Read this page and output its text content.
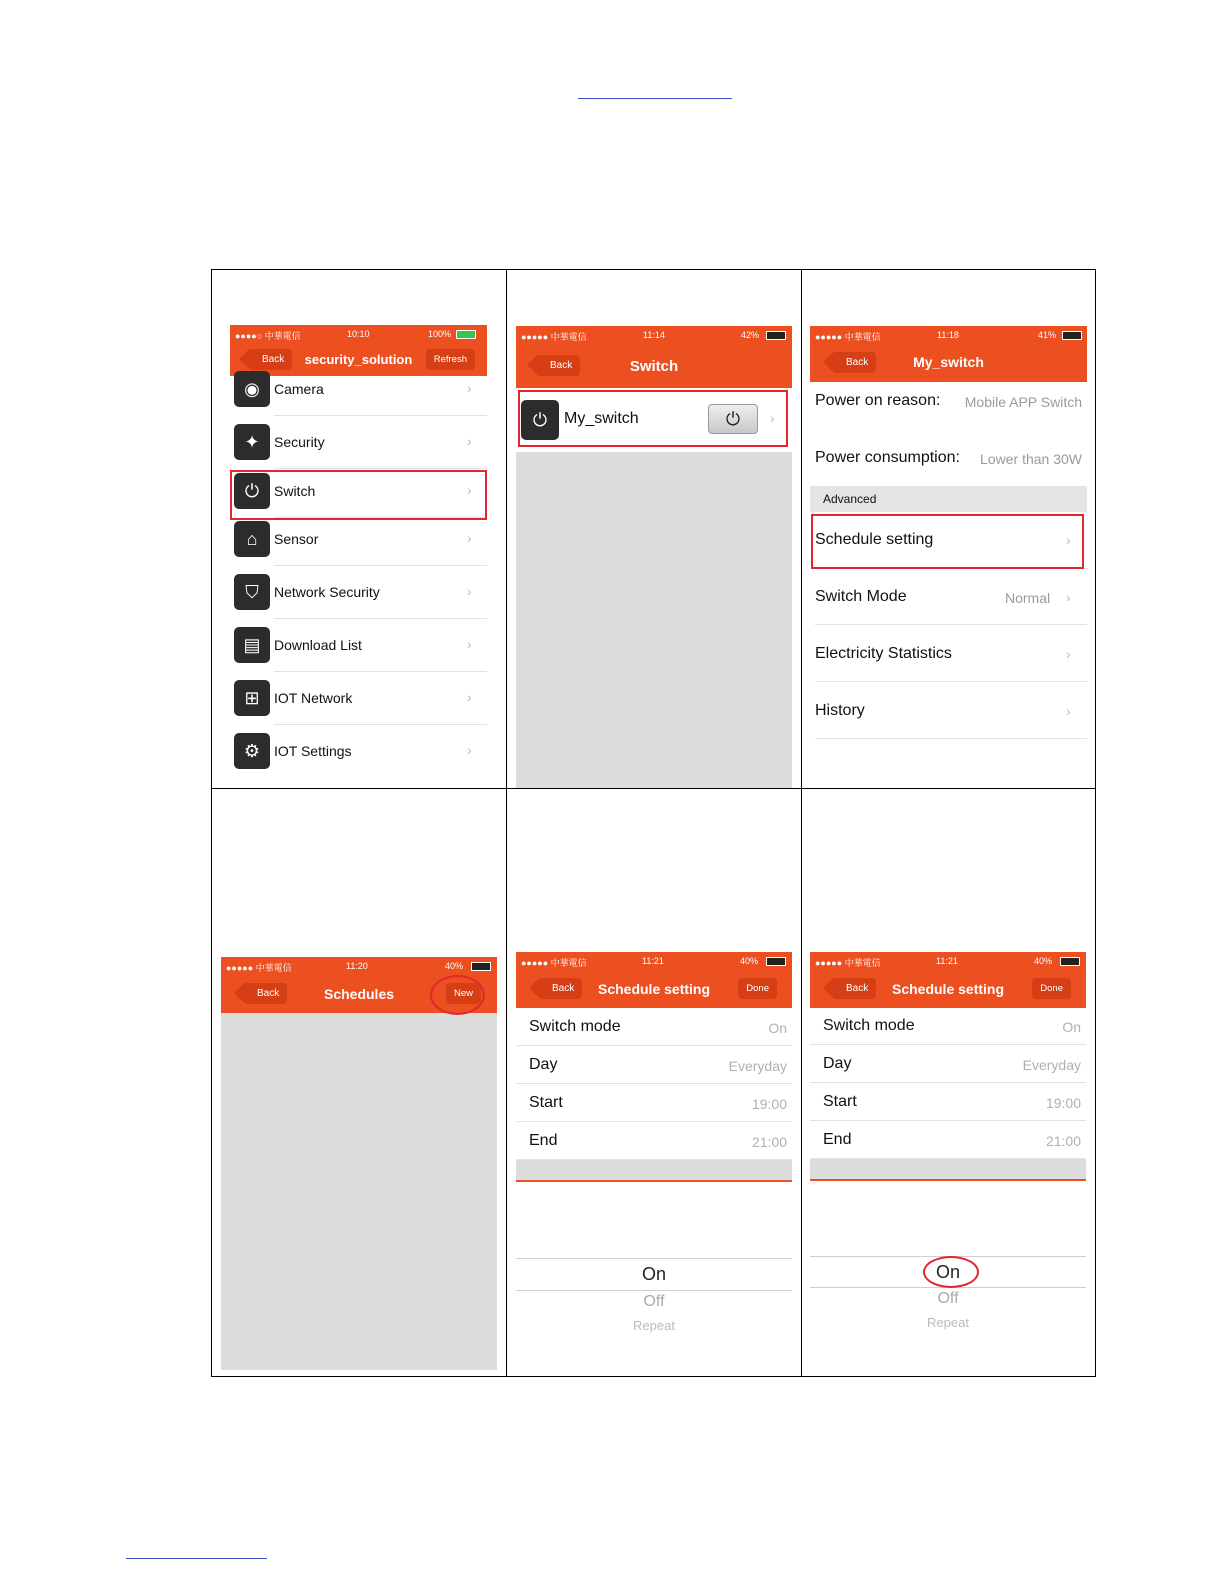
●●●●○ 中華電信	10:10	100%
Back	security_solution	Refresh
◉	Camera	›
✦	Security	›
⏻	Switch	›
⌂	Sensor	›
⛉	Network Security	›
▤ Download List	›
⊞	IOT Network	›
⚙ IOT Settings	›
●●●●● 中華電信	11:14	42%
Back	Switch
⏻	My_switch	⏻	›
●●●●● 中華電信	11:18	41%
Back	My_switch
Power on reason: Mobile APP Switch
Power consumption: Lower than 30W
Advanced
Schedule setting	›
Switch Mode	Normal ›
Electricity Statistics	›
History	›
●●●●● 中華電信	11:20	40%
Back	Schedules	New
●●●●● 中華電信	11:21	40%
Back	Schedule setting	Done
Switch mode	On
Day	Everyday
Start	19:00
End	21:00
On
Off
Repeat
●●●●● 中華電信	11:21	40%
Back	Schedule setting	Done
Switch mode	On
Day	Everyday
Start	19:00
End	21:00
On
Off
Repeat
